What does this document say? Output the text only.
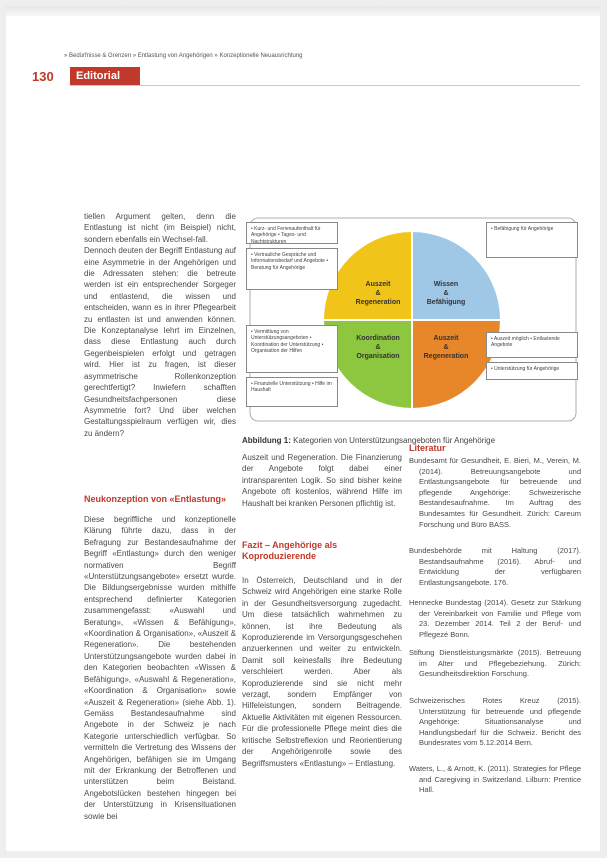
» Bedürfnisse & Grenzen » Entlastung von Angehörigen » Konzeptionelle Neuausrichtung
130	Editorial

tiellen Argument gelten, denn die Entlastung ist nicht (im Beispiel) nicht, sondern ebenfalls ein Wechsel-fall.

Dennoch deuten der Begriff Entlastung auf eine Asymmetrie in der Angehörigen und die Adressaten stehen: die betreute werden ist ein entsprechender Sorgeger und entlastend, die wissen und entscheiden, wann es in ihrer Pflegearbeit zu entlasten ist und anwenden können. Die Konzeptanalyse lehrt im Einzelnen, dass diese Entlastung auch durch Gegenbeispielen erfolgt und getragen wird. Hier ist zu fragen, ist dieser asymmetrische Rollenkonzeption gerechtfertigt? Inwiefern schafften Gesundheitsfachpersonen diese Asymmetrie fort? Und über welchen Gestaltungsspielraum verfügen wir, dies zu ändern?

Neukonzeption von «Entlastung»
Diese begriffliche und konzeptionelle Klärung führte dazu, dass in der Befragung zur Bestandesaufnahme der Begriff «Entlastung» durch den weniger normativen Begriff «Unterstützungsangebote» ersetzt wurde. Die Bildungsergebnisse wurden mithilfe entsprechend definierter Kategorien zusammengefasst: «Auswahl und Beratung», «Wissen & Befähigung», «Koordination & Organisation», «Auszeit & Regeneration». Die bestehenden Unterstützungsangebote wurden dabei in den Kategorien beobachten «Wissen & Befähigung», «Auswahl & Regeneration», «Koordination & Organisation» sowie «Auszeit & Regeneration» (siehe Abb. 1). Gemäss Bestandesaufnahme sind Angebote in der Schweiz je nach Kategorie unterschiedlich verfügbar. So vermitteln die Vertretung des Wissens der Angehörigen, befähigen sie im Umgang mit der Erkrankung der Betroffenen und unterstützen beim Beistand. Angebotslücken bestehen hingegen bei der Unterstützung in Krisensituationen sowie bei
Auszeit
&
Regeneration
Wissen
&
Befähigung
Koordination
&
Organisation
Auszeit
&
Regeneration
• Kurz- und Ferienaufenthalt für Angehörige • Tages- und Nachtstrukturen
• Vertrauliche Gespräche und Informationsbedarf und Angebote • Beratung für Angehörige
• Befähigung für Angehörige
• Vermittlung von Unterstützungsangeboten • Koordination der Unterstützung • Organisation der Hilfen
• Auszeit möglich • Entlastende Angebote
• Unterstützung für Angehörige
• Finanzielle Unterstützung • Hilfe im Haushalt
Abbildung 1: Kategorien von Unterstützungsangeboten für Angehörige
Auszeit und Regeneration. Die Finanzierung der Angebote folgt dabei einer intransparenten Logik. So sind bisher keine Angebote oft kostenlos, während Hilfe im Haushalt bei kranken Personen pflichtig ist.
Fazit – Angehörige als Koproduzierende
In Österreich, Deutschland und in der Schweiz wird Angehörigen eine starke Rolle in der Gesundheitsversorgung zugedacht. Um diese tatsächlich wahrnehmen zu können, ist ihre Bedeutung als Koproduzierende im Versorgungsgeschehen anzuerkennen und weiter zu entwickeln. Damit soll keinesfalls ihre Bedeutung verschleiert werden. Aber als Koproduzierende sind sie nicht mehr verzagt, sondern Empfänger von Hilfeleistungen, sondern Beitragende. Aktuelle Aktivitäten mit eigenen Ressourcen. Für die professionelle Pflege meint dies die kritische Selbstreflexion und Reorientierung der Angehörigenrolle sowie des Begriffsmusters «Entlastung» – Entlastung.
Literatur
Bundesamt für Gesundheit, E. Bieri, M., Verein, M. (2014). Betreuungsangebote und Entlastungsangebote für betreuende und pflegende Angehörige: Schweizerische Bestandesaufnahme. Im Auftrag des Bundesamtes für Gesundheit. Zürich: Careum Forschung und Büro BASS.
Bundesbehörde mit Haltung (2017). Bestandsaufnahme (2016). Abruf- und Entwicklung der verfügbaren Entlastungsangebote. 176.
Hennecke Bundestag (2014). Gesetz zur Stärkung der Vereinbarkeit von Familie und Pflege vom 23. Dezember 2014. Teil 2 der Beruf- und Pflegezé Bonn.
Stiftung Dienstleistungsmärkte (2015). Betreuung im Alter und Pflegebeziehung. Zürich: Gesundheitsdirektion Forschung.
Schweizerisches Rotes Kreuz (2015). Unterstützung für betreuende und pflegende Angehörige: Situationsanalyse und Handlungsbedarf für die Schweiz. Bericht des Bundesrates vom 5.12.2014 Bern.
Waters, L., & Arnott, K. (2011). Strategies for Pflege and Caregiving in Switzerland. Lilburn: Prentice Hall.
